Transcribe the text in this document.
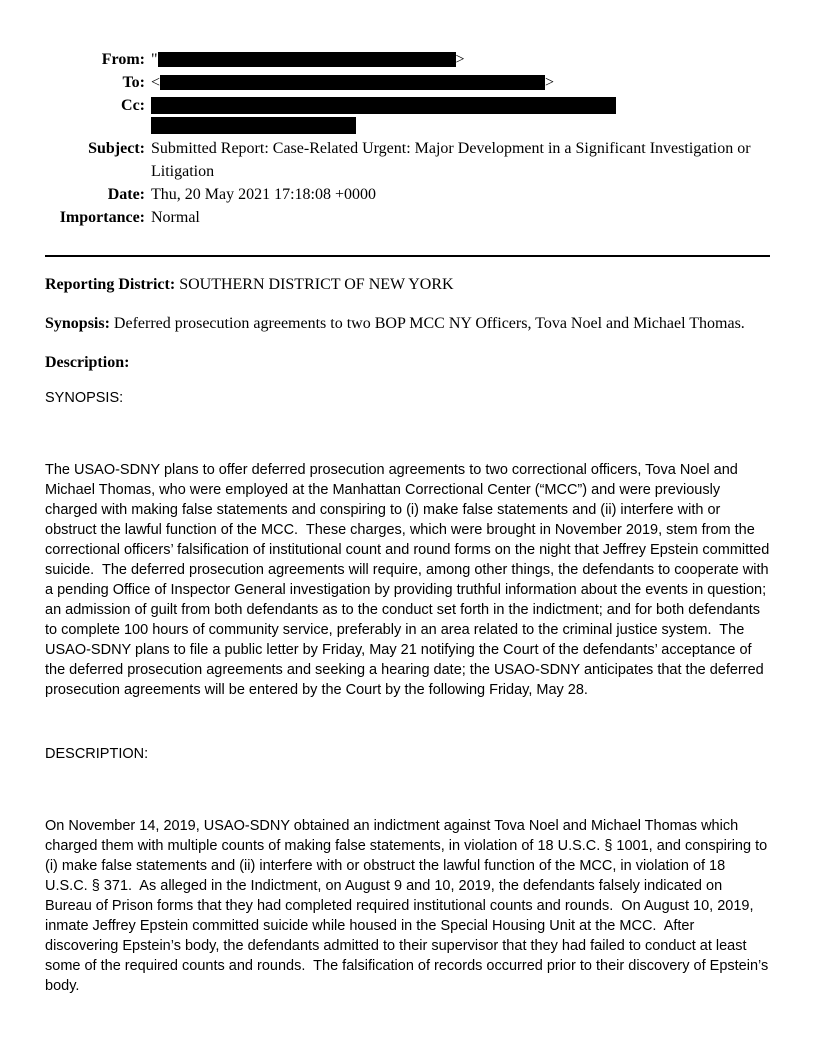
From: "	>
To: <	>
Cc:
Subject: Submitted Report: Case-Related Urgent: Major Development in a Significant Investigation or Litigation
Date: Thu, 20 May 2021 17:18:08 +0000
Importance: Normal

Reporting District: SOUTHERN DISTRICT OF NEW YORK

Synopsis: Deferred prosecution agreements to two BOP MCC NY Officers, Tova Noel and Michael Thomas.

Description:

SYNOPSIS:

The USAO-SDNY plans to offer deferred prosecution agreements to two correctional officers, Tova Noel and Michael Thomas, who were employed at the Manhattan Correctional Center (“MCC”) and were previously charged with making false statements and conspiring to (i) make false statements and (ii) interfere with or obstruct the lawful function of the MCC.  These charges, which were brought in November 2019, stem from the correctional officers’ falsification of institutional count and round forms on the night that Jeffrey Epstein committed suicide.  The deferred prosecution agreements will require, among other things, the defendants to cooperate with a pending Office of Inspector General investigation by providing truthful information about the events in question; an admission of guilt from both defendants as to the conduct set forth in the indictment; and for both defendants to complete 100 hours of community service, preferably in an area related to the criminal justice system.  The USAO-SDNY plans to file a public letter by Friday, May 21 notifying the Court of the defendants’ acceptance of the deferred prosecution agreements and seeking a hearing date; the USAO-SDNY anticipates that the deferred prosecution agreements will be entered by the Court by the following Friday, May 28.

DESCRIPTION:

On November 14, 2019, USAO-SDNY obtained an indictment against Tova Noel and Michael Thomas which charged them with multiple counts of making false statements, in violation of 18 U.S.C. § 1001, and conspiring to (i) make false statements and (ii) interfere with or obstruct the lawful function of the MCC, in violation of 18 U.S.C. § 371.  As alleged in the Indictment, on August 9 and 10, 2019, the defendants falsely indicated on Bureau of Prison forms that they had completed required institutional counts and rounds.  On August 10, 2019, inmate Jeffrey Epstein committed suicide while housed in the Special Housing Unit at the MCC.  After discovering Epstein’s body, the defendants admitted to their supervisor that they had failed to conduct at least some of the required counts and rounds.  The falsification of records occurred prior to their discovery of Epstein’s body.
